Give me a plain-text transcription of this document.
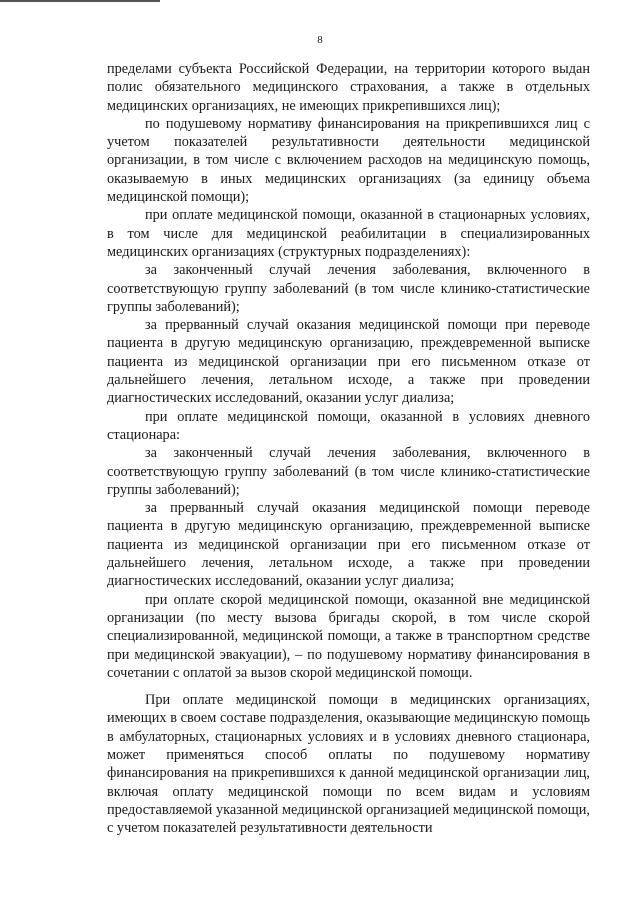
8

пределами субъекта Российской Федерации, на территории которого выдан полис обязательного медицинского страхования, а также в отдельных медицинских организациях, не имеющих прикрепившихся лиц);

по подушевому нормативу финансирования на прикрепившихся лиц с учетом показателей результативности деятельности медицинской организации, в том числе с включением расходов на медицинскую помощь, оказываемую в иных медицинских организациях (за единицу объема медицинской помощи);

при оплате медицинской помощи, оказанной в стационарных условиях, в том числе для медицинской реабилитации в специализированных медицинских организациях (структурных подразделениях):

за законченный случай лечения заболевания, включенного в соответствующую группу заболеваний (в том числе клинико-статистические группы заболеваний);

за прерванный случай оказания медицинской помощи при переводе пациента в другую медицинскую организацию, преждевременной выписке пациента из медицинской организации при его письменном отказе от дальнейшего лечения, летальном исходе, а также при проведении диагностических исследований, оказании услуг диализа;

при оплате медицинской помощи, оказанной в условиях дневного стационара:

за законченный случай лечения заболевания, включенного в соответствующую группу заболеваний (в том числе клинико-статистические группы заболеваний);

за прерванный случай оказания медицинской помощи переводе пациента в другую медицинскую организацию, преждевременной выписке пациента из медицинской организации при его письменном отказе от дальнейшего лечения, летальном исходе, а также при проведении диагностических исследований, оказании услуг диализа;

при оплате скорой медицинской помощи, оказанной вне медицинской организации (по месту вызова бригады скорой, в том числе скорой специализированной, медицинской помощи, а также в транспортном средстве при медицинской эвакуации), – по подушевому нормативу финансирования в сочетании с оплатой за вызов скорой медицинской помощи.

При оплате медицинской помощи в медицинских организациях, имеющих в своем составе подразделения, оказывающие медицинскую помощь в амбулаторных, стационарных условиях и в условиях дневного стационара, может применяться способ оплаты по подушевому нормативу финансирования на прикрепившихся к данной медицинской организации лиц, включая оплату медицинской помощи по всем видам и условиям предоставляемой указанной медицинской организацией медицинской помощи, с учетом показателей результативности деятельности
